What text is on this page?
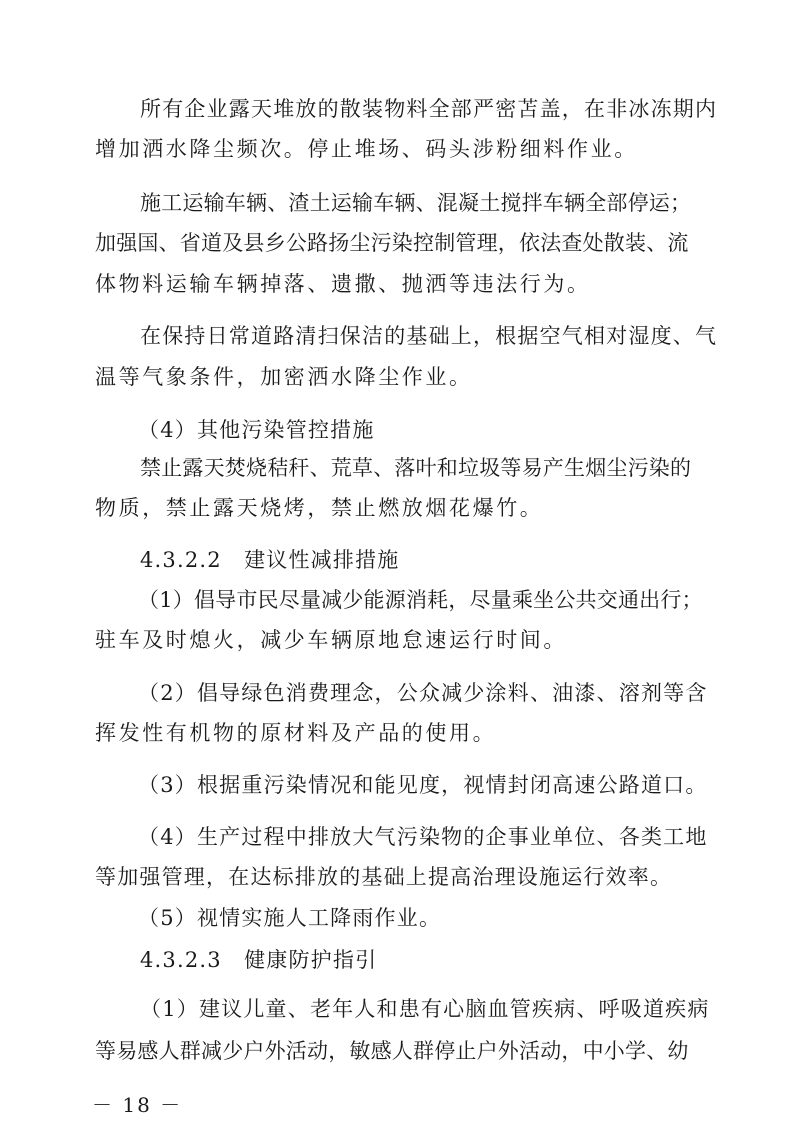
所有企业露天堆放的散装物料全部严密苫盖，在非冰冻期内
增加洒水降尘频次。停止堆场、码头涉粉细料作业。
施工运输车辆、渣土运输车辆、混凝土搅拌车辆全部停运；
加强国、省道及县乡公路扬尘污染控制管理，依法查处散装、流
体物料运输车辆掉落、遗撒、抛洒等违法行为。
在保持日常道路清扫保洁的基础上，根据空气相对湿度、气
温等气象条件，加密洒水降尘作业。
（4）其他污染管控措施
禁止露天焚烧秸秆、荒草、落叶和垃圾等易产生烟尘污染的
物质，禁止露天烧烤，禁止燃放烟花爆竹。
4.3.2.2　建议性减排措施
（1）倡导市民尽量减少能源消耗，尽量乘坐公共交通出行；
驻车及时熄火，减少车辆原地怠速运行时间。
（2）倡导绿色消费理念，公众减少涂料、油漆、溶剂等含
挥发性有机物的原材料及产品的使用。
（3）根据重污染情况和能见度，视情封闭高速公路道口。
（4）生产过程中排放大气污染物的企事业单位、各类工地
等加强管理，在达标排放的基础上提高治理设施运行效率。
（5）视情实施人工降雨作业。
4.3.2.3　健康防护指引
（1）建议儿童、老年人和患有心脑血管疾病、呼吸道疾病
等易感人群减少户外活动，敏感人群停止户外活动，中小学、幼
－ 18 －
